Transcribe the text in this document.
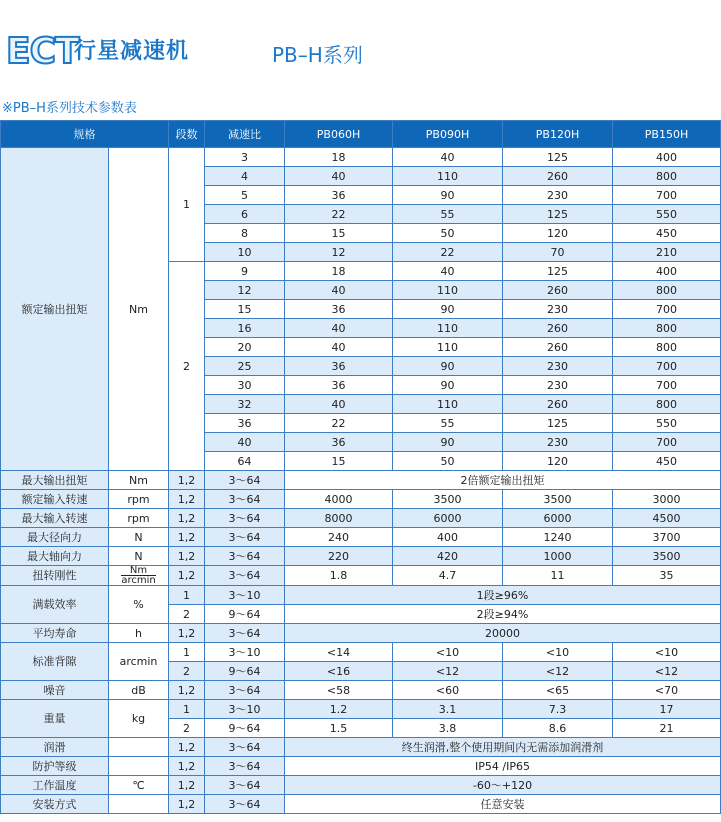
ECT
行星减速机	PB–H系列
※PB–H系列技术参数表
规格		段数	减速比	PB060H	PB090H	PB120H	PB150H
额定输出扭矩	Nm	1	3	18	40	125	400
			4	40	110	260	800
			5	36	90	230	700
			6	22	55	125	550
			8	15	50	120	450
			10	12	22	70	210
		2	9	18	40	125	400
			12	40	110	260	800
			15	36	90	230	700
			16	40	110	260	800
			20	40	110	260	800
			25	36	90	230	700
			30	36	90	230	700
			32	40	110	260	800
			36	22	55	125	550
			40	36	90	230	700
			64	15	50	120	450
最大输出扭矩	Nm	1,2	3～64	2倍额定输出扭矩			
额定输入转速	rpm	1,2	3～64	4000	3500	3500	3000
最大输入转速	rpm	1,2	3～64	8000	6000	6000	4500
最大径向力	N	1,2	3～64	240	400	1240	3700
最大轴向力	N	1,2	3～64	220	420	1000	3500
扭转刚性	$\frac{Nm}{\text{arcmin}}$	1,2	3～64	1.8	4.7	11	35
满载效率	%	1	3～10	1段≥96%			
		2	9～64	2段≥94%			
平均寿命	h	1,2	3～64	20000			
标准背隙	arcmin	1	3～10	<14	<10	<10	<10
		2	9～64	<16	<12	<12	<12
噪音	dB	1,2	3～64	<58	<60	<65	<70
重量	kg	1	3～10	1.2	3.1	7.3	17
		2	9～64	1.5	3.8	8.6	21
润滑		1,2	3～64	终生润滑,整个使用期间内无需添加润滑剂			
防护等级		1,2	3～64	IP54 /IP65			
工作温度	℃	1,2	3～64	-60～+120			
安装方式		1,2	3～64	任意安装			
